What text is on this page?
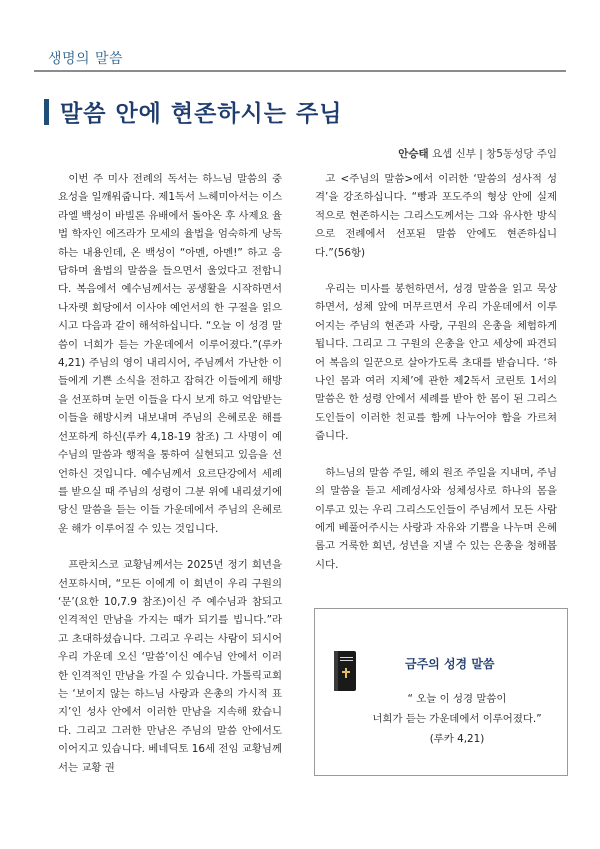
생명의 말씀
말씀 안에 현존하시는 주님
안승태 요셉 신부 | 창5동성당 주임

이번 주 미사 전례의 독서는 하느님 말씀의 중요성을 일깨워줍니다. 제1독서 느헤미아서는 이스라엘 백성이 바빌론 유배에서 돌아온 후 사제요 율법 학자인 에즈라가 모세의 율법을 엄숙하게 낭독하는 내용인데, 온 백성이 “아멘, 아멘!” 하고 응답하며 율법의 말씀을 들으면서 울었다고 전합니다. 복음에서 예수님께서는 공생활을 시작하면서 나자렛 회당에서 이사야 예언서의 한 구절을 읽으시고 다음과 같이 해석하십니다. “오늘 이 성경 말씀이 너희가 듣는 가운데에서 이루어졌다.”(루카 4,21) 주님의 영이 내리시어, 주님께서 가난한 이들에게 기쁜 소식을 전하고 잡혀간 이들에게 해방을 선포하며 눈먼 이들을 다시 보게 하고 억압받는 이들을 해방시켜 내보내며 주님의 은혜로운 해를 선포하게 하신(루카 4,18-19 참조) 그 사명이 예수님의 말씀과 행적을 통하여 실현되고 있음을 선언하신 것입니다. 예수님께서 요르단강에서 세례를 받으실 때 주님의 성령이 그분 위에 내리셨기에 당신 말씀을 듣는 이들 가운데에서 주님의 은혜로운 해가 이루어질 수 있는 것입니다.

프란치스코 교황님께서는 2025년 정기 희년을 선포하시며, “모든 이에게 이 희년이 우리 구원의 ‘문’(요한 10,7.9 참조)이신 주 예수님과 참되고 인격적인 만남을 가지는 때가 되기를 빕니다.”라고 초대하셨습니다. 그리고 우리는 사람이 되시어 우리 가운데 오신 ‘말씀’이신 예수님 안에서 이러한 인격적인 만남을 가질 수 있습니다. 가톨릭교회는 ‘보이지 않는 하느님 사랑과 은총의 가시적 표지’인 성사 안에서 이러한 만남을 지속해 왔습니다. 그리고 그러한 만남은 주님의 말씀 안에서도 이어지고 있습니다. 베네딕토 16세 전임 교황님께서는 교황 권

고 <주님의 말씀>에서 이러한 ‘말씀의 성사적 성격’을 강조하십니다. “빵과 포도주의 형상 안에 실제적으로 현존하시는 그리스도께서는 그와 유사한 방식으로 전례에서 선포된 말씀 안에도 현존하십니다.”(56항)

우리는 미사를 봉헌하면서, 성경 말씀을 읽고 묵상하면서, 성체 앞에 머무르면서 우리 가운데에서 이루어지는 주님의 현존과 사랑, 구원의 은총을 체험하게 됩니다. 그리고 그 구원의 은총을 안고 세상에 파견되어 복음의 일꾼으로 살아가도록 초대를 받습니다. ‘하나인 몸과 여러 지체’에 관한 제2독서 코린토 1서의 말씀은 한 성령 안에서 세례를 받아 한 몸이 된 그리스도인들이 이러한 친교를 함께 나누어야 함을 가르쳐 줍니다.

하느님의 말씀 주일, 해외 원조 주일을 지내며, 주님의 말씀을 듣고 세례성사와 성체성사로 하나의 몸을 이루고 있는 우리 그리스도인들이 주님께서 모든 사람에게 베풀어주시는 사랑과 자유와 기쁨을 나누며 은혜롭고 거룩한 희년, 성년을 지낼 수 있는 은총을 청해봅시다.

금주의 성경 말씀
“ 오늘 이 성경 말씀이
너희가 듣는 가운데에서 이루어졌다.”
(루카 4,21)
